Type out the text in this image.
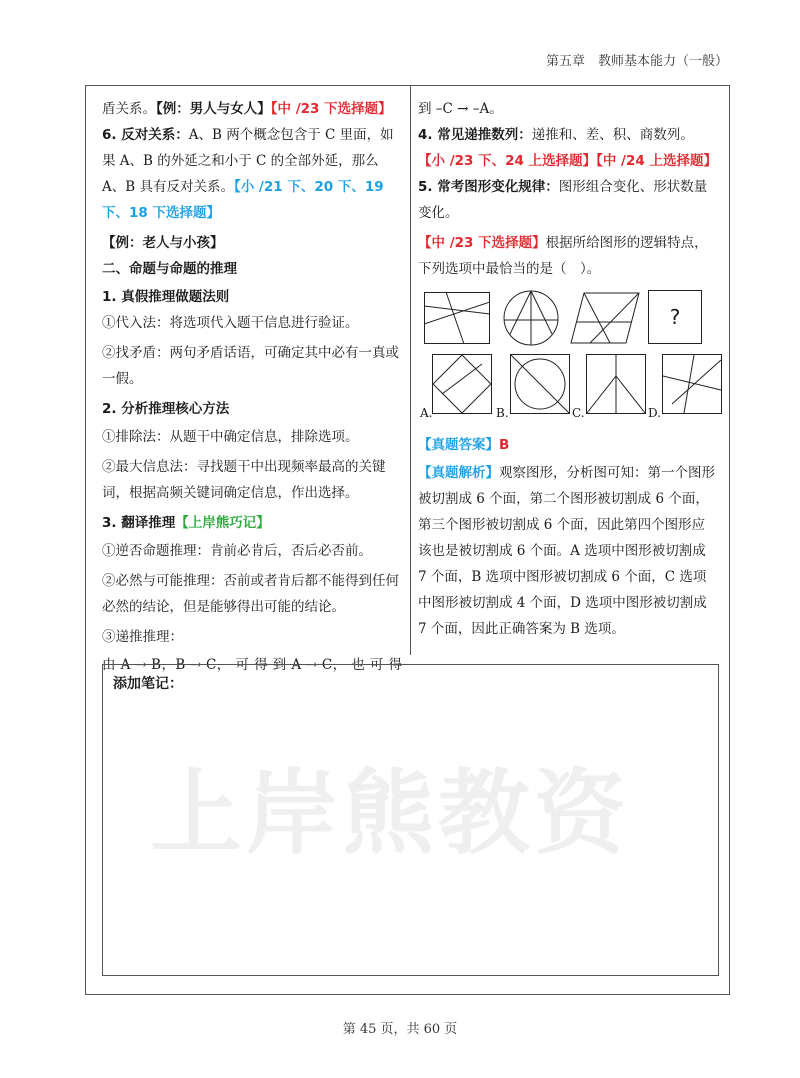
第五章　教师基本能力（一般）
上岸熊教资

盾关系。【例：男人与女人】【中 /23 下选择题】

6. 反对关系：A、B 两个概念包含于 C 里面，如果 A、B 的外延之和小于 C 的全部外延，那么 A、B 具有反对关系。【小 /21 下、20 下、19 下、18 下选择题】

【例：老人与小孩】

二、命题与命题的推理

1. 真假推理做题法则

①代入法：将选项代入题干信息进行验证。

②找矛盾：两句矛盾话语，可确定其中必有一真或一假。

2. 分析推理核心方法

①排除法：从题干中确定信息，排除选项。

②最大信息法：寻找题干中出现频率最高的关键词，根据高频关键词确定信息，作出选择。

3. 翻译推理【上岸熊巧记】

①逆否命题推理：肯前必肯后，否后必否前。

②必然与可能推理：否前或者肯后都不能得到任何必然的结论，但是能够得出可能的结论。

③递推推理：

由 A → B，B → C， 可 得 到 A → C， 也 可 得

到 –C → –A。

4. 常见递推数列：递推和、差、积、商数列。

【小 /23 下、24 上选择题】【中 /24 上选择题】

5. 常考图形变化规律：图形组合变化、形状数量变化。

【中 /23 下选择题】根据所给图形的逻辑特点，下列选项中最恰当的是（　）。

?
A.	B.	C.	D.

【真题答案】B

【真题解析】观察图形，分析图可知：第一个图形被切割成 6 个面，第二个图形被切割成 6 个面，第三个图形被切割成 6 个面，因此第四个图形应该也是被切割成 6 个面。A 选项中图形被切割成 7 个面，B 选项中图形被切割成 6 个面，C 选项中图形被切割成 4 个面，D 选项中图形被切割成 7 个面，因此正确答案为 B 选项。

添加笔记：
第 45 页，共 60 页
